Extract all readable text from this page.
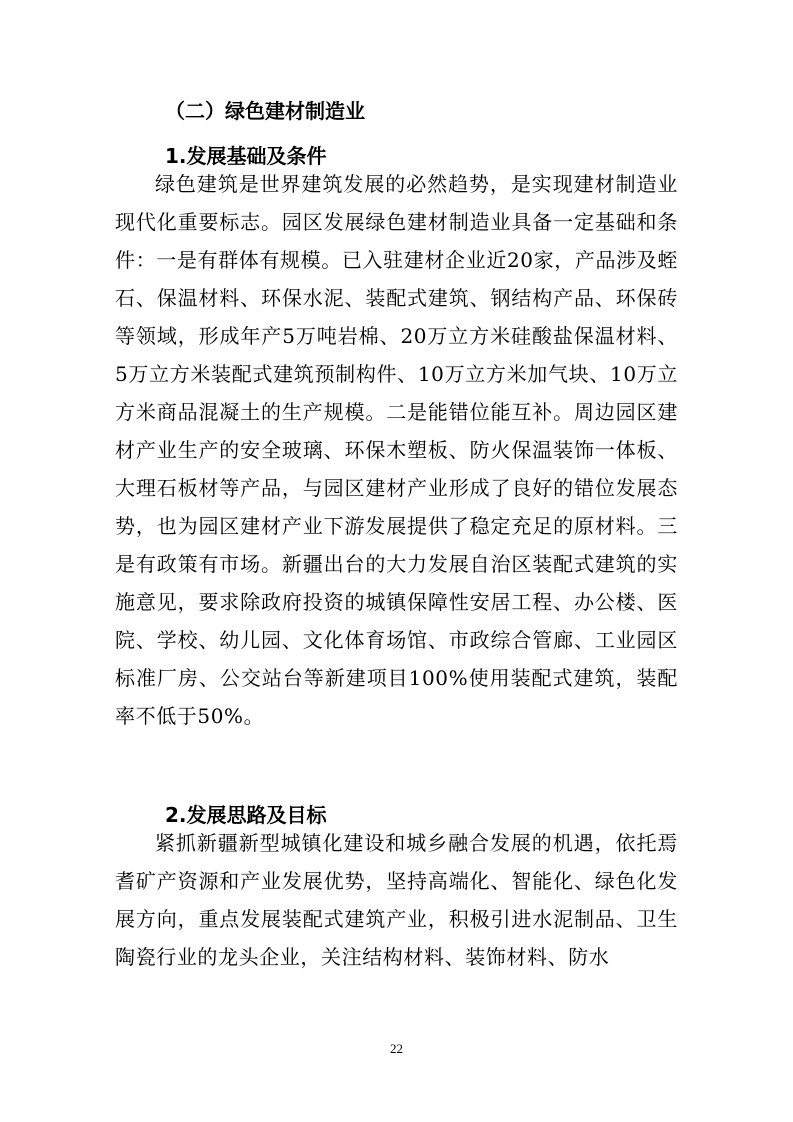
（二）绿色建材制造业
1.发展基础及条件

绿色建筑是世界建筑发展的必然趋势，是实现建材制造业现代化重要标志。园区发展绿色建材制造业具备一定基础和条件：一是有群体有规模。已入驻建材企业近20家，产品涉及蛭石、保温材料、环保水泥、装配式建筑、钢结构产品、环保砖等领域，形成年产5万吨岩棉、20万立方米硅酸盐保温材料、5万立方米装配式建筑预制构件、10万立方米加气块、10万立方米商品混凝土的生产规模。二是能错位能互补。周边园区建材产业生产的安全玻璃、环保木塑板、防火保温装饰一体板、大理石板材等产品，与园区建材产业形成了良好的错位发展态势，也为园区建材产业下游发展提供了稳定充足的原材料。三是有政策有市场。新疆出台的大力发展自治区装配式建筑的实施意见，要求除政府投资的城镇保障性安居工程、办公楼、医院、学校、幼儿园、文化体育场馆、市政综合管廊、工业园区标准厂房、公交站台等新建项目100%使用装配式建筑，装配率不低于50%。

2.发展思路及目标

紧抓新疆新型城镇化建设和城乡融合发展的机遇，依托焉耆矿产资源和产业发展优势，坚持高端化、智能化、绿色化发展方向，重点发展装配式建筑产业，积极引进水泥制品、卫生陶瓷行业的龙头企业，关注结构材料、装饰材料、防水

22
